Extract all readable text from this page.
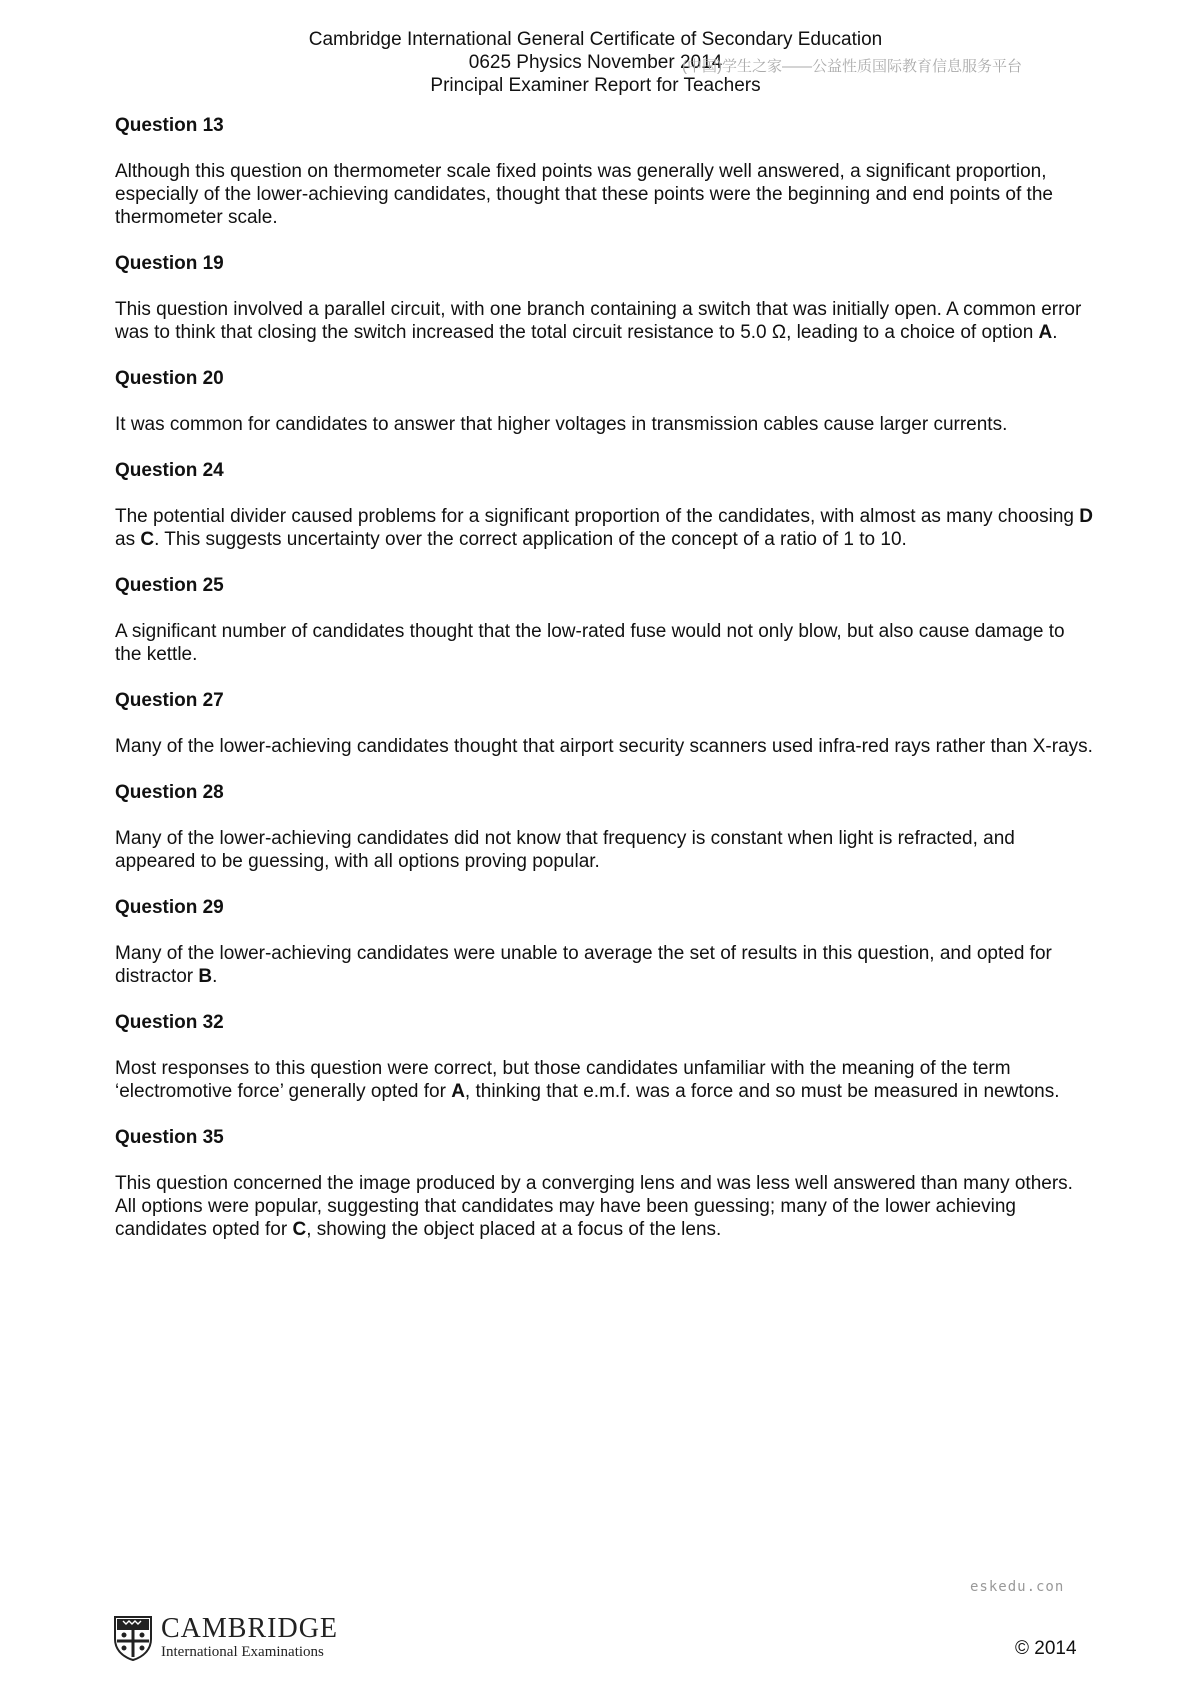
Cambridge International General Certificate of Secondary Education
0625 Physics November 2014
Principal Examiner Report for Teachers
(中国)学生之家——公益性质国际教育信息服务平台

Question 13

Although this question on thermometer scale fixed points was generally well answered, a significant proportion, especially of the lower-achieving candidates, thought that these points were the beginning and end points of the thermometer scale.

Question 19

This question involved a parallel circuit, with one branch containing a switch that was initially open. A common error was to think that closing the switch increased the total circuit resistance to 5.0 Ω, leading to a choice of option A.

Question 20

It was common for candidates to answer that higher voltages in transmission cables cause larger currents.

Question 24

The potential divider caused problems for a significant proportion of the candidates, with almost as many choosing D as C. This suggests uncertainty over the correct application of the concept of a ratio of 1 to 10.

Question 25

A significant number of candidates thought that the low-rated fuse would not only blow, but also cause damage to the kettle.

Question 27

Many of the lower-achieving candidates thought that airport security scanners used infra-red rays rather than X-rays.

Question 28

Many of the lower-achieving candidates did not know that frequency is constant when light is refracted, and appeared to be guessing, with all options proving popular.

Question 29

Many of the lower-achieving candidates were unable to average the set of results in this question, and opted for distractor B.

Question 32

Most responses to this question were correct, but those candidates unfamiliar with the meaning of the term ‘electromotive force’ generally opted for A, thinking that e.m.f. was a force and so must be measured in newtons.

Question 35

This question concerned the image produced by a converging lens and was less well answered than many others. All options were popular, suggesting that candidates may have been guessing; many of the lower achieving candidates opted for C, showing the object placed at a focus of the lens.

eskedu.con
CAMBRIDGE
International Examinations	© 2014
